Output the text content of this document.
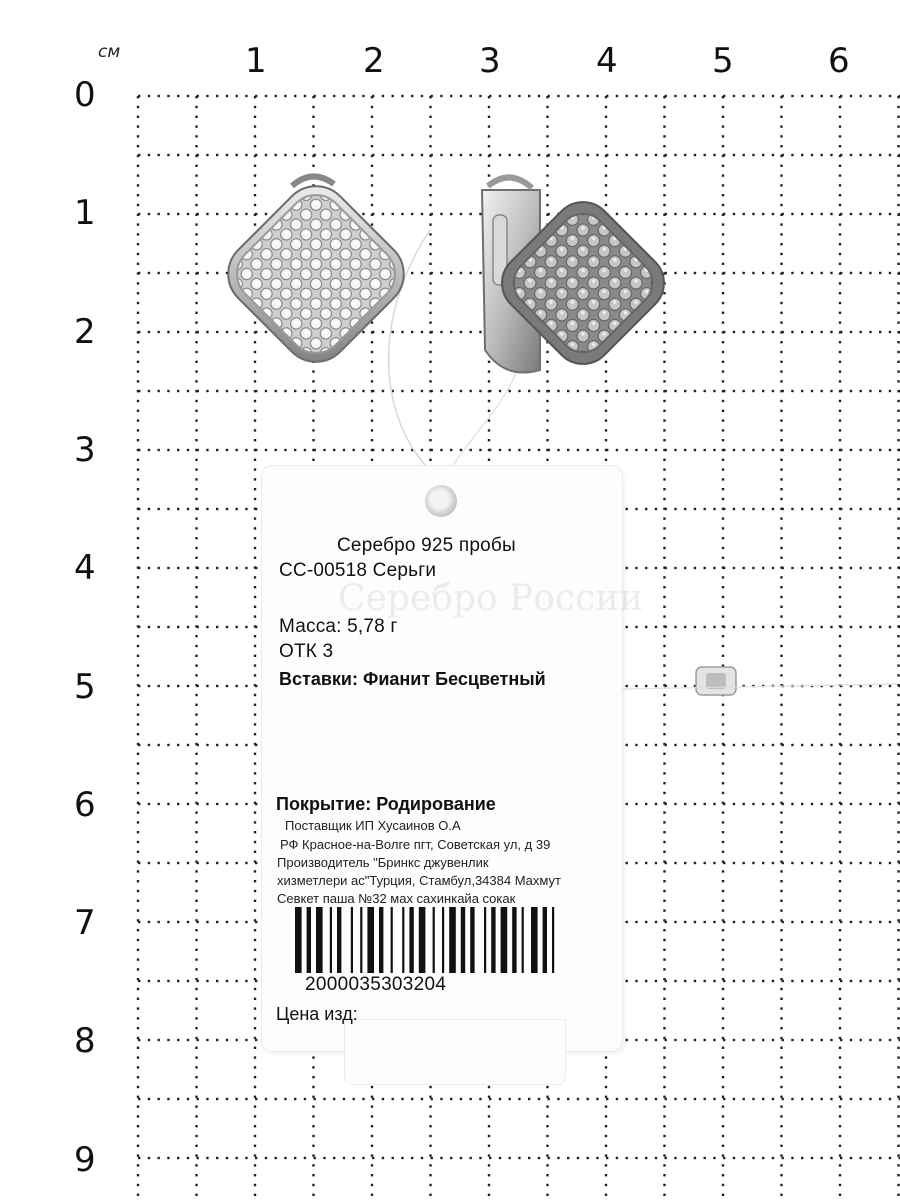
см	1	2	3	4	5	6
0
1
2
3
4
5
6
7
8
9
Серебро России
Серебро 925 пробы
СС-00518 Серьги
Масса: 5,78 г
ОТК 3
Вставки: Фианит Бесцветный
Покрытие: Родирование
Поставщик ИП Хусаинов О.А
РФ Красное-на-Волге пгт, Советская ул, д 39
Производитель "Бринкс джувенлик
хизметлери ас"Турция, Стамбул,34384 Махмут
Севкет паша №32 мах сахинкайа сокак
2000035303204
Цена изд:
